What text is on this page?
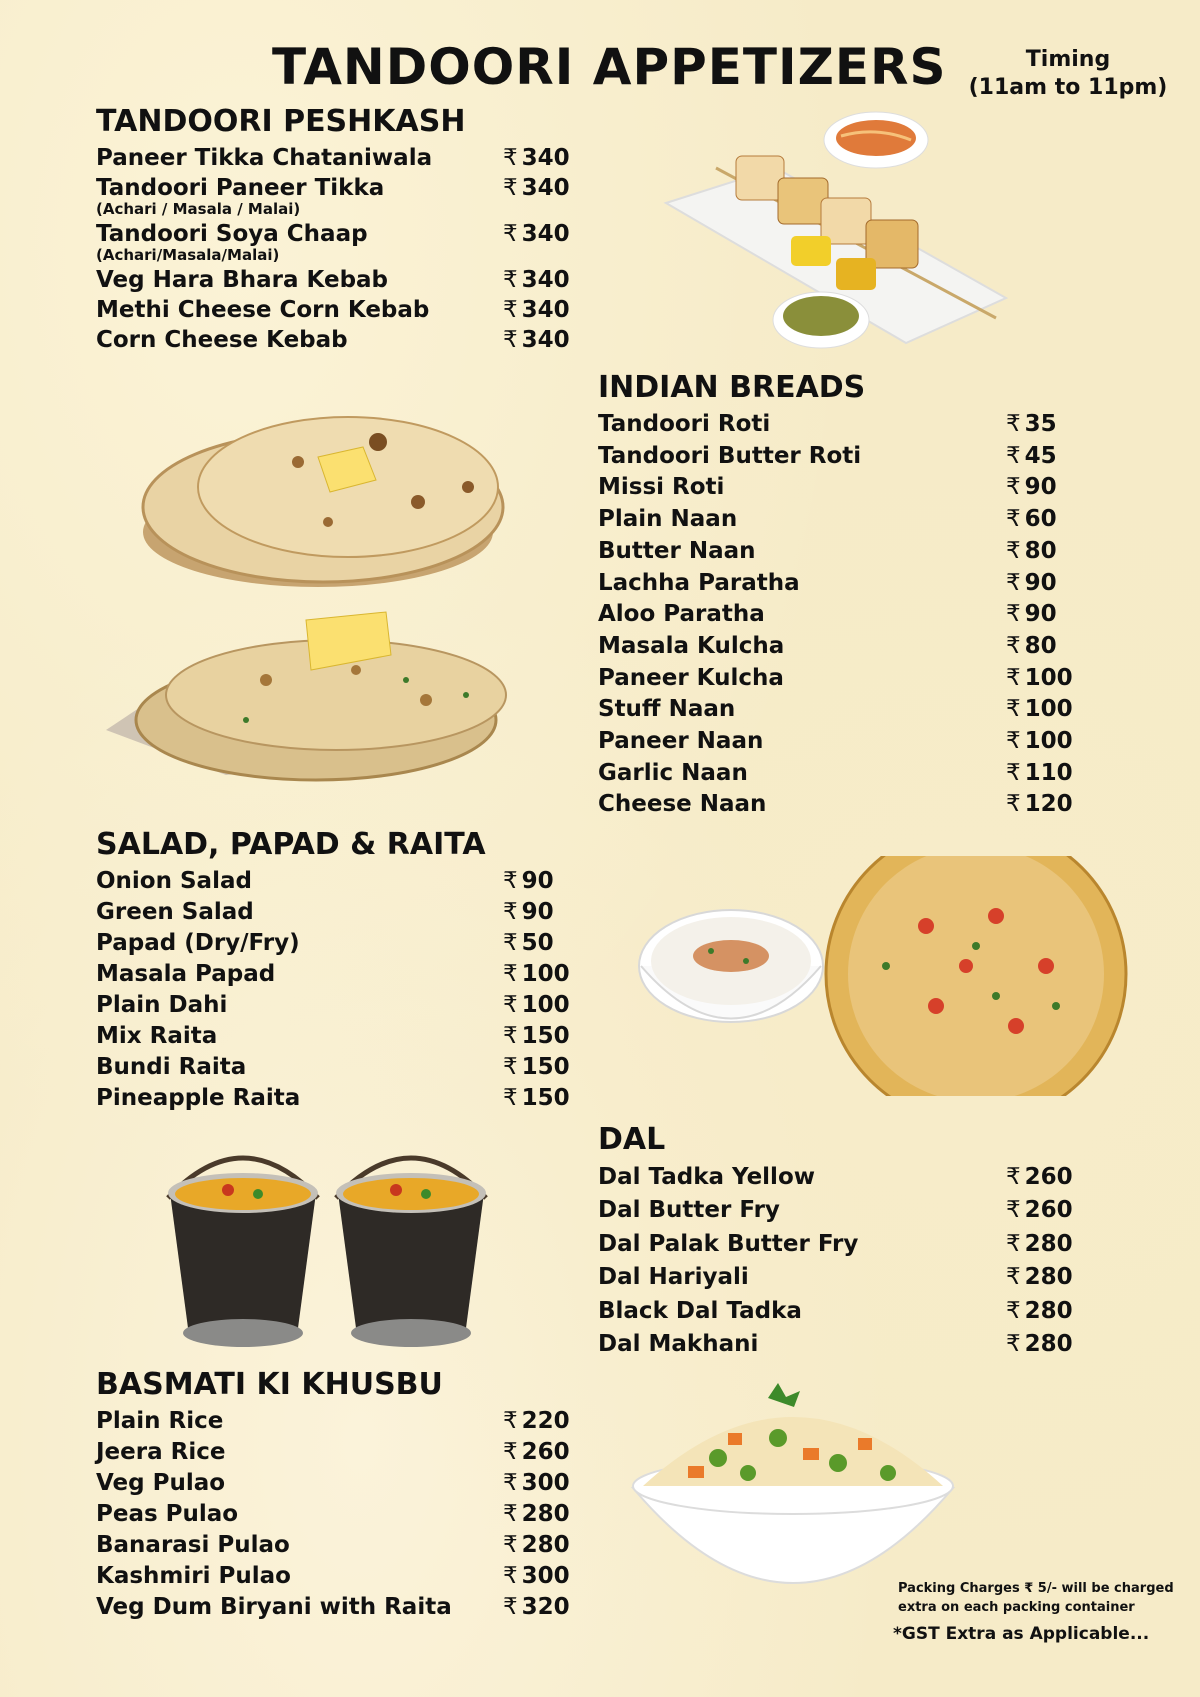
TANDOORI APPETIZERS	Timing
(11am to 11pm)
TANDOORI PESHKASH
Paneer Tikka Chataniwala	₹ 340
Tandoori Paneer Tikka	₹ 340
(Achari / Masala / Malai)
Tandoori Soya Chaap	₹ 340
(Achari/Masala/Malai)
Veg Hara Bhara Kebab	₹ 340
Methi Cheese Corn Kebab	₹ 340
Corn Cheese Kebab	₹ 340
INDIAN BREADS
Tandoori Roti	₹ 35
Tandoori Butter Roti	₹ 45
Missi Roti	₹ 90
Plain Naan	₹ 60
Butter Naan	₹ 80
Lachha Paratha	₹ 90
Aloo Paratha	₹ 90
Masala Kulcha	₹ 80
Paneer Kulcha	₹ 100
Stuff Naan	₹ 100
Paneer Naan	₹ 100
Garlic Naan	₹ 110
Cheese Naan	₹ 120
SALAD, PAPAD & RAITA
Onion Salad	₹ 90
Green Salad	₹ 90
Papad (Dry/Fry)	₹ 50
Masala Papad	₹ 100
Plain Dahi	₹ 100
Mix Raita	₹ 150
Bundi Raita	₹ 150
Pineapple Raita	₹ 150
DAL
Dal Tadka Yellow	₹ 260
Dal Butter Fry	₹ 260
Dal Palak Butter Fry	₹ 280
Dal Hariyali	₹ 280
Black Dal Tadka	₹ 280
Dal Makhani	₹ 280
BASMATI KI KHUSBU
Plain Rice	₹ 220
Jeera Rice	₹ 260
Veg Pulao	₹ 300
Peas Pulao	₹ 280
Banarasi Pulao	₹ 280
Kashmiri Pulao	₹ 300
Veg Dum Biryani with Raita ₹ 320
Packing Charges ₹ 5/- will be charged
extra on each packing container
*GST Extra as Applicable...
